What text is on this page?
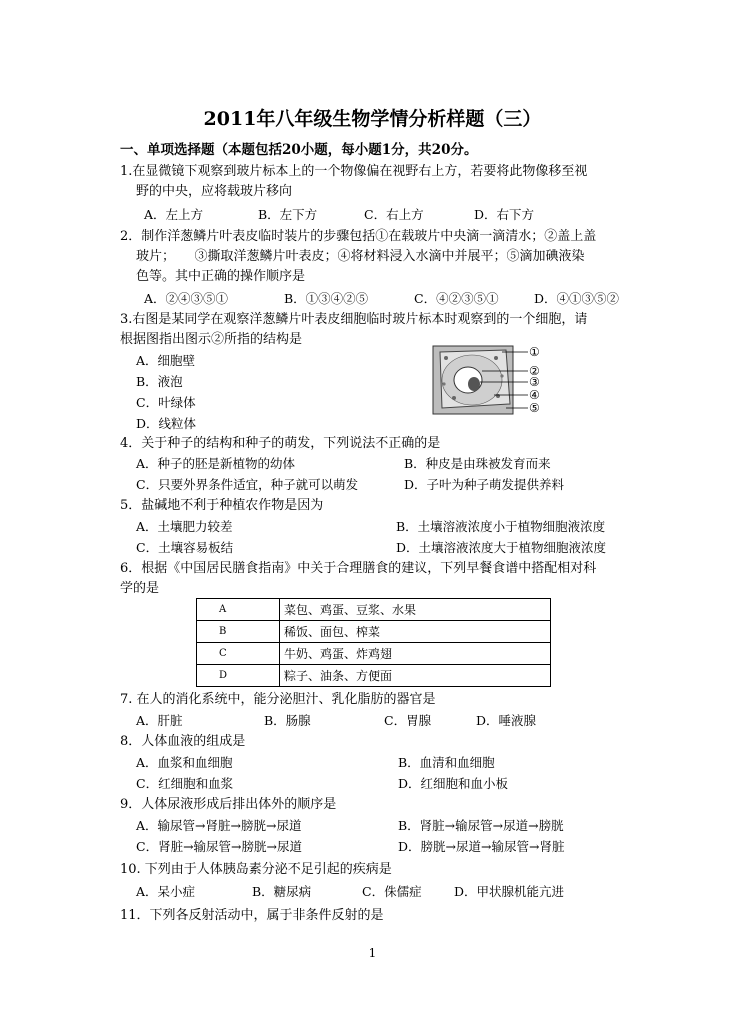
2011年八年级生物学情分析样题（三）
一、单项选择题（本题包括20小题，每小题1分，共20分。
1.在显微镜下观察到玻片标本上的一个物像偏在视野右上方，若要将此物像移至视
野的中央，应将载玻片移向
A．左上方	B．左下方	C．右上方	D．右下方
2．制作洋葱鳞片叶表皮临时装片的步骤包括①在载玻片中央滴一滴清水；②盖上盖
玻片；　　③撕取洋葱鳞片叶表皮；④将材料浸入水滴中并展平；⑤滴加碘液染
色等。其中正确的操作顺序是
A．②④③⑤①	B．①③④②⑤	C．④②③⑤①	D．④①③⑤②
3.右图是某同学在观察洋葱鳞片叶表皮细胞临时玻片标本时观察到的一个细胞，请
根据图指出图示②所指的结构是
A．细胞壁
B．液泡
C．叶绿体
D．线粒体
①
②
③
④
⑤
4．关于种子的结构和种子的萌发，下列说法不正确的是
A．种子的胚是新植物的幼体	B．种皮是由珠被发育而来
C．只要外界条件适宜，种子就可以萌发	D．子叶为种子萌发提供养料
5．盐碱地不利于种植农作物是因为
A．土壤肥力较差	B．土壤溶液浓度小于植物细胞液浓度
C．土壤容易板结	D．土壤溶液浓度大于植物细胞液浓度
6．根据《中国居民膳食指南》中关于合理膳食的建议，下列早餐食谱中搭配相对科
学的是
A	菜包、鸡蛋、豆浆、水果
B	稀饭、面包、榨菜
C	牛奶、鸡蛋、炸鸡翅
D	粽子、油条、方便面
7. 在人的消化系统中，能分泌胆汁、乳化脂肪的器官是
A．肝脏	B．肠腺	C．胃腺	D．唾液腺
8．人体血液的组成是
A．血浆和血细胞	B．血清和血细胞
C．红细胞和血浆	D．红细胞和血小板
9．人体尿液形成后排出体外的顺序是
A．输尿管→肾脏→膀胱→尿道	B．肾脏→输尿管→尿道→膀胱
C．肾脏→输尿管→膀胱→尿道	D．膀胱→尿道→输尿管→肾脏
10. 下列由于人体胰岛素分泌不足引起的疾病是
A．呆小症	B．糖尿病	C．侏儒症	D．甲状腺机能亢进
11．下列各反射活动中，属于非条件反射的是
1
